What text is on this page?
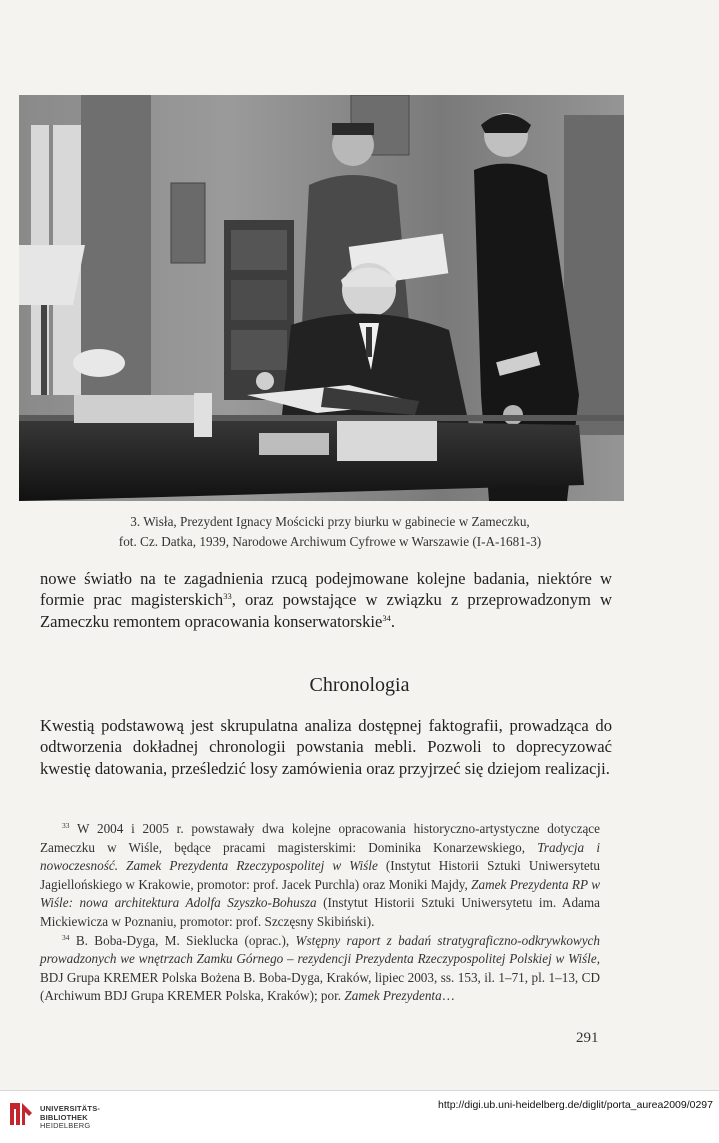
3. Wisła, Prezydent Ignacy Mościcki przy biurku w gabinecie w Zameczku,
fot. Cz. Datka, 1939, Narodowe Archiwum Cyfrowe w Warszawie (I-A-1681-3)

nowe światło na te zagadnienia rzucą podejmowane kolejne badania, niektóre w formie prac magisterskich$^{33}$, oraz powstające w związku z przeprowadzonym w Zameczku remontem opracowania konserwatorskie$^{34}$.

Chronologia

Kwestią podstawową jest skrupulatna analiza dostępnej faktografii, prowadząca do odtworzenia dokładnej chronologii powstania mebli. Pozwoli to doprecyzować kwestię datowania, prześledzić losy zamówienia oraz przyjrzeć się dziejom realizacji.

$^{33}$ W 2004 i 2005 r. powstawały dwa kolejne opracowania historyczno-artystyczne dotyczące Zameczku w Wiśle, będące pracami magisterskimi: Dominika Konarzewskiego, Tradycja i nowoczesność. Zamek Prezydenta Rzeczypospolitej w Wiśle (Instytut Historii Sztuki Uniwersytetu Jagiellońskiego w Krakowie, promotor: prof. Jacek Purchla) oraz Moniki Majdy, Zamek Prezydenta RP w Wiśle: nowa architektura Adolfa Szyszko-Bohusza (Instytut Historii Sztuki Uniwersytetu im. Adama Mickiewicza w Poznaniu, promotor: prof. Szczęsny Skibiński).

$^{34}$ B. Boba-Dyga, M. Sieklucka (oprac.), Wstępny raport z badań stratygraficzno-odkrywkowych prowadzonych we wnętrzach Zamku Górnego – rezydencji Prezydenta Rzeczypospolitej Polskiej w Wiśle, BDJ Grupa KREMER Polska Bożena B. Boba-Dyga, Kraków, lipiec 2003, ss. 153, il. 1–71, pl. 1–13, CD (Archiwum BDJ Grupa KREMER Polska, Kraków); por. Zamek Prezydenta…

291
UNIVERSITÄTS-
BIBLIOTHEK
HEIDELBERG
http://digi.ub.uni-heidelberg.de/diglit/porta_aurea2009/0297
